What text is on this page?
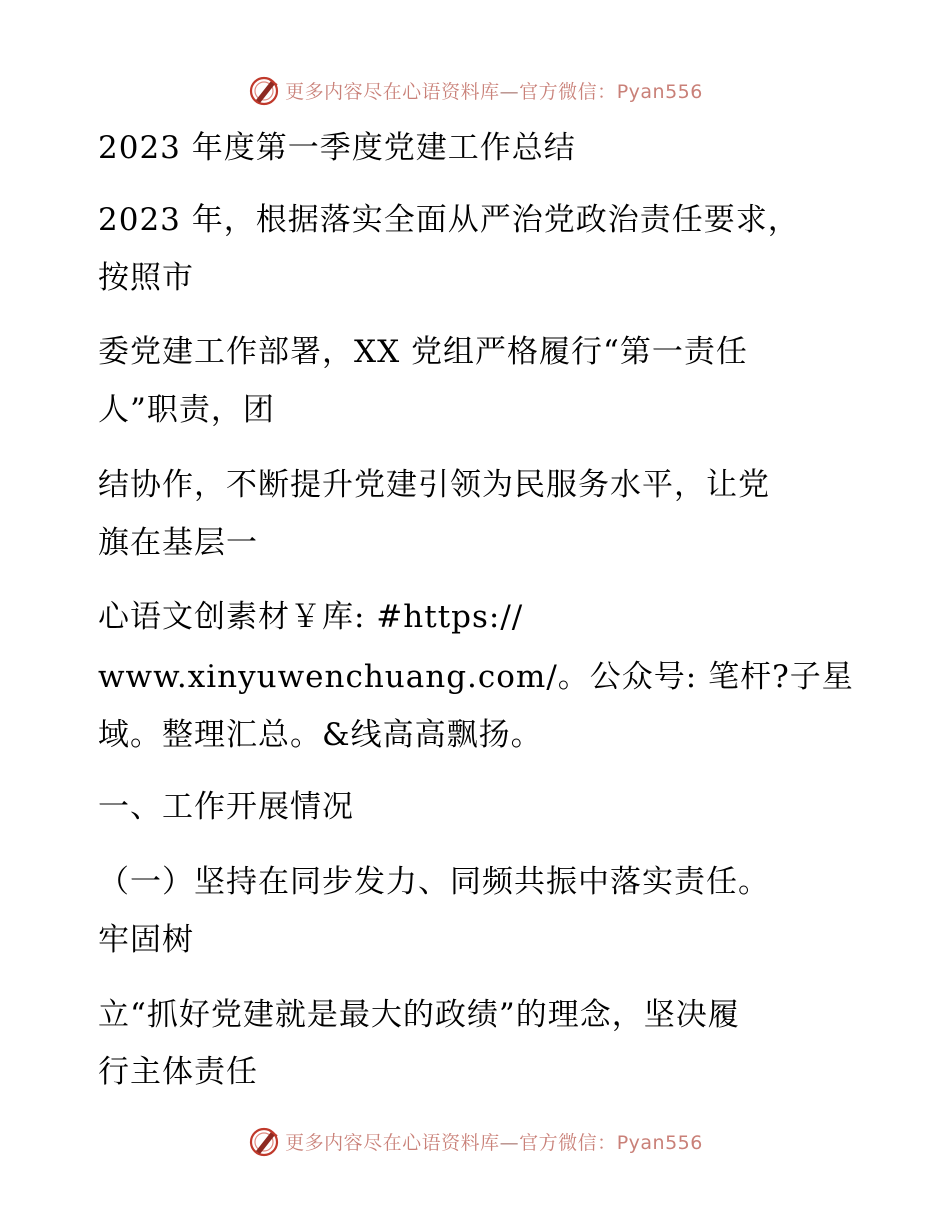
更多内容尽在心语资料库—官方微信：Pyan556
2023 年度第一季度党建工作总结
2023 年，根据落实全面从严治党政治责任要求，
按照市
委党建工作部署，XX 党组严格履行“第一责任
人”职责，团
结协作，不断提升党建引领为民服务水平，让党
旗在基层一
心语文创素材￥库: #https://
www.xinyuwenchuang.com/。公众号: 笔杆?子星
域。整理汇总。&线高高飘扬。
一、工作开展情况
（一）坚持在同步发力、同频共振中落实责任。
牢固树
立“抓好党建就是最大的政绩”的理念，坚决履
行主体责任
更多内容尽在心语资料库—官方微信：Pyan556
